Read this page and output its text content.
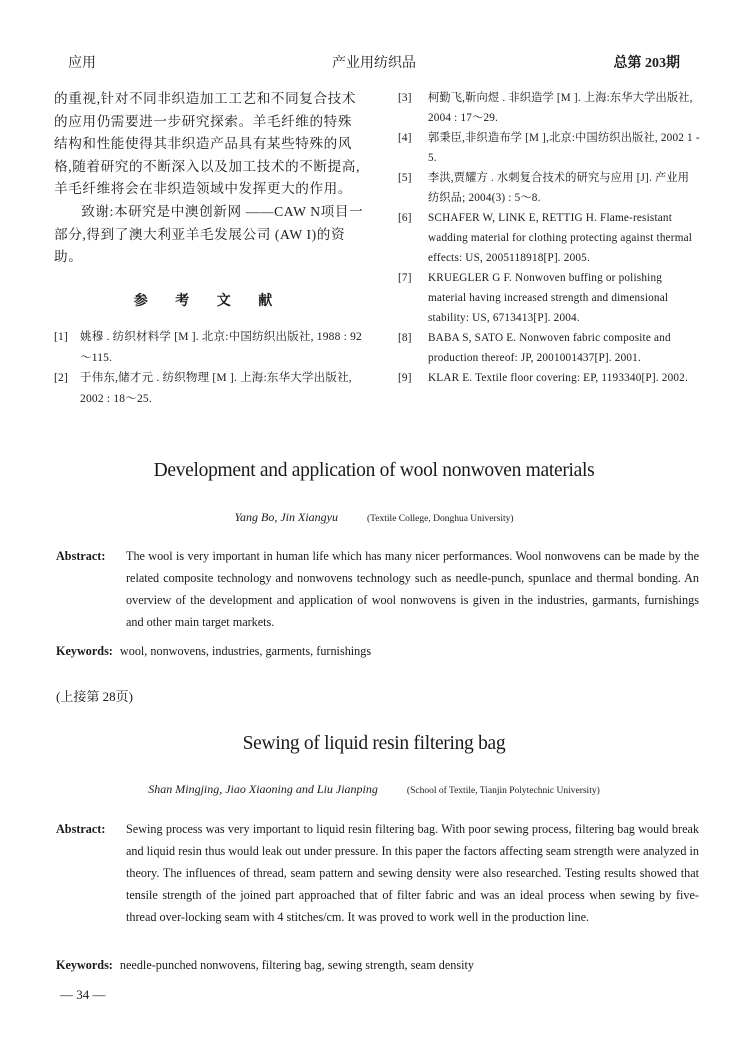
应用	产业用纺织品	总第 203期

的重视,针对不同非织造加工工艺和不同复合技术的应用仍需要进一步研究探索。羊毛纤维的特殊结构和性能使得其非织造产品具有某些特殊的风格,随着研究的不断深入以及加工技术的不断提高,羊毛纤维将会在非织造领域中发挥更大的作用。

致谢:本研究是中澳创新网 ——CAW N项目一部分,得到了澳大利亚羊毛发展公司 (AW I)的资助。

参 考 文 献

[1]	姚穆 . 纺织材料学 [M ]. 北京:中国纺织出版社, 1988 : 92～115.
[2]	于伟东,储才元 . 纺织物理 [M ]. 上海:东华大学出版社, 2002 : 18～25.
[3]	柯勤飞,靳向煜 . 非织造学 [M ]. 上海:东华大学出版社, 2004 : 17～29.
[4]	郭秉臣,非织造布学 [M ],北京:中国纺织出版社, 2002 1 - 5.
[5]	李洪,贾耀方 . 水刺复合技术的研究与应用 [J]. 产业用纺织品; 2004(3) : 5～8.
[6]	SCHAFER W, LINK E, RETTIG H. Flame-resistant wadding material for clothing protecting against thermal effects: US, 2005118918[P]. 2005.
[7]	KRUEGLER G F. Nonwoven buffing or polishing material having increased strength and dimensional stability: US, 6713413[P]. 2004.
[8]	BABA S, SATO E. Nonwoven fabric composite and production thereof: JP, 2001001437[P]. 2001.
[9]	KLAR E. Textile floor covering: EP, 1193340[P]. 2002.
Development and application of wool nonwoven materials
Yang Bo, Jin Xiangyu	(Textile College, Donghua University)
Abstract:	The wool is very important in human life which has many nicer performances. Wool nonwovens can be made by the related composite technology and nonwovens technology such as needle-punch, spunlace and thermal bonding. An overview of the development and application of wool nonwovens is given in the industries, garmants, furnishings and other main target markets.
Keywords: wool, nonwovens, industries, garments, furnishings
(上接第 28页)
Sewing of liquid resin filtering bag
Shan Mingjing, Jiao Xiaoning and Liu Jianping	(School of Textile, Tianjin Polytechnic University)
Abstract:	Sewing process was very important to liquid resin filtering bag. With poor sewing process, filtering bag would break and liquid resin thus would leak out under pressure. In this paper the factors affecting seam strength were analyzed in theory. The influences of thread, seam pattern and sewing density were also researched. Testing results showed that tensile strength of the joined part approached that of filter fabric and was an ideal process when sewing by five-thread over-locking seam with 4 stitches/cm. It was proved to work well in the production line.
Keywords: needle-punched nonwovens, filtering bag, sewing strength, seam density
— 34 —
